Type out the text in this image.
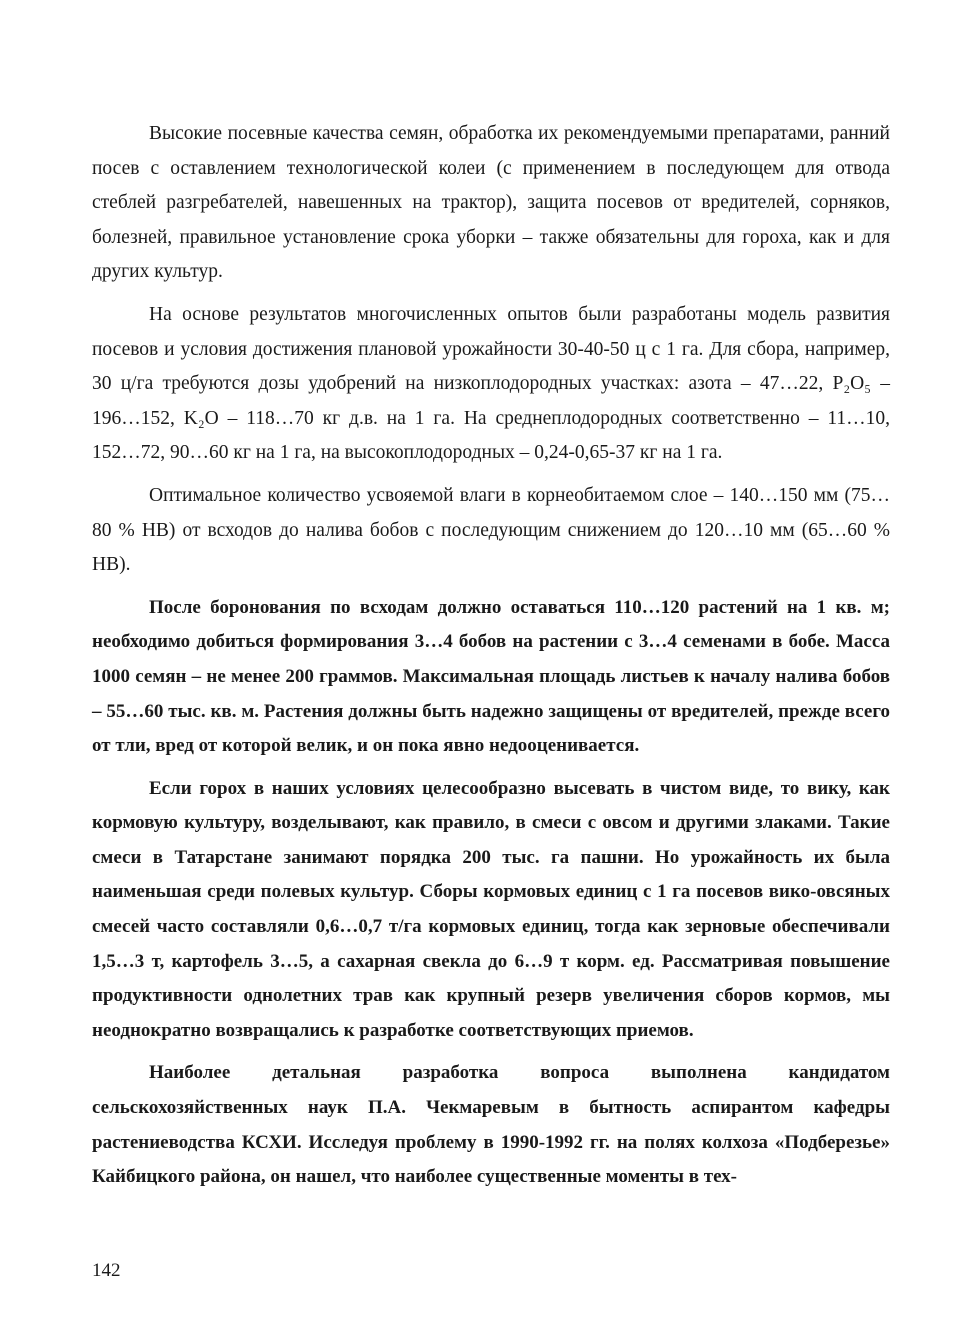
Высокие посевные качества семян, обработка их рекомендуемыми препаратами, ранний посев с оставлением технологической колеи (с применением в последующем для отвода стеблей разгребателей, навешенных на трактор), защита посевов от вредителей, сорняков, болезней, правильное установление срока уборки – также обязательны для гороха, как и для других культур.

На основе результатов многочисленных опытов были разработаны модель развития посевов и условия достижения плановой урожайности 30-40-50 ц с 1 га. Для сбора, например, 30 ц/га требуются дозы удобрений на низкоплодородных участках: азота – 47…22, P₂O₅ – 196…152, K₂O – 118…70 кг д.в. на 1 га. На среднеплодородных соответственно – 11…10, 152…72, 90…60 кг на 1 га, на высокоплодородных – 0,24-0,65-37 кг на 1 га.

Оптимальное количество усвояемой влаги в корнеобитаемом слое – 140…150 мм (75…80 % НВ) от всходов до налива бобов с последующим снижением до 120…10 мм (65…60 % НВ).

После боронования по всходам должно оставаться 110…120 растений на 1 кв. м; необходимо добиться формирования 3…4 бобов на растении с 3…4 семенами в бобе. Масса 1000 семян – не менее 200 граммов. Максимальная площадь листьев к началу налива бобов – 55…60 тыс. кв. м. Растения должны быть надежно защищены от вредителей, прежде всего от тли, вред от которой велик, и он пока явно недооценивается.

Если горох в наших условиях целесообразно высевать в чистом виде, то вику, как кормовую культуру, возделывают, как правило, в смеси с овсом и другими злаками. Такие смеси в Татарстане занимают порядка 200 тыс. га пашни. Но урожайность их была наименьшая среди полевых культур. Сборы кормовых единиц с 1 га посевов вико-овсяных смесей часто составляли 0,6…0,7 т/га кормовых единиц, тогда как зерновые обеспечивали 1,5…3 т, картофель 3…5, а сахарная свекла до 6…9 т корм. ед. Рассматривая повышение продуктивности однолетних трав как крупный резерв увеличения сборов кормов, мы неоднократно возвращались к разработке соответствующих приемов.

Наиболее детальная разработка вопроса выполнена кандидатом сельскохозяйственных наук П.А. Чекмаревым в бытность аспирантом кафедры растениеводства КСХИ. Исследуя проблему в 1990-1992 гг. на полях колхоза «Подберезье» Кайбицкого района, он нашел, что наиболее существенные моменты в тех-

142
